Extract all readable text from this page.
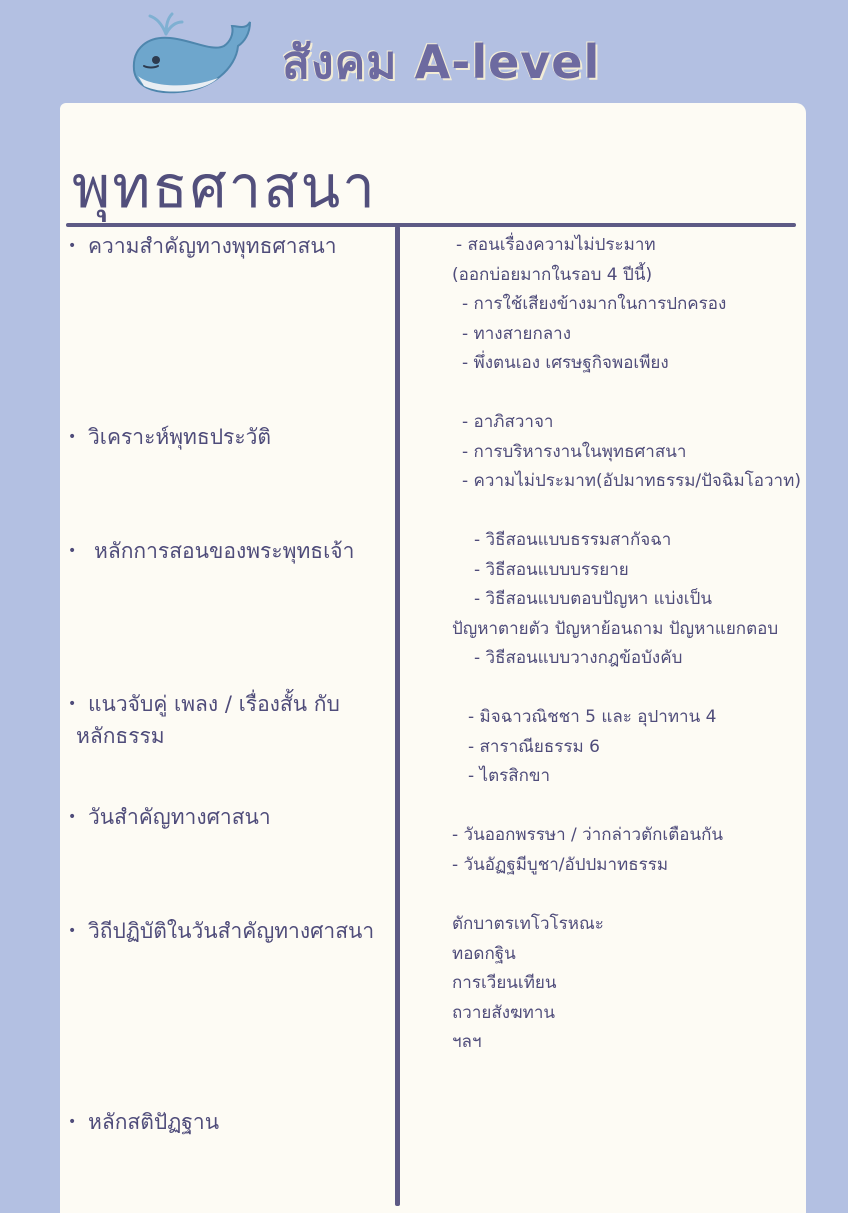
สังคม A-level
พุทธศาสนา

• ความสำคัญทางพุทธศาสนา

• วิเคราะห์พุทธประวัติ

• หลักการสอนของพระพุทธเจ้า

• แนวจับคู่ เพลง / เรื่องสั้น กับ
หลักธรรม

• วันสำคัญทางศาสนา

• วิถีปฏิบัติในวันสำคัญทางศาสนา

• หลักสติปัฏฐาน

- สอนเรื่องความไม่ประมาท
(ออกบ่อยมากในรอบ 4 ปีนี้)
- การใช้เสียงข้างมากในการปกครอง
- ทางสายกลาง
- พึ่งตนเอง เศรษฐกิจพอเพียง
- อาภิสวาจา
- การบริหารงานในพุทธศาสนา
- ความไม่ประมาท(อัปมาทธรรม/ปัจฉิมโอวาท)
- วิธีสอนแบบธรรมสากัจฉา
- วิธีสอนแบบบรรยาย
- วิธีสอนแบบตอบปัญหา แบ่งเป็น
ปัญหาตายตัว ปัญหาย้อนถาม ปัญหาแยกตอบ
- วิธีสอนแบบวางกฎข้อบังคับ
- มิจฉาวณิชชา 5 และ อุปาทาน 4
- สาราณียธรรม 6
- ไตรสิกขา
- วันออกพรรษา / ว่ากล่าวตักเตือนกัน
- วันอัฏฐมีบูชา/อัปปมาทธรรม
ตักบาตรเทโวโรหณะ
ทอดกฐิน
การเวียนเทียน
ถวายสังฆทาน
ฯลฯ
